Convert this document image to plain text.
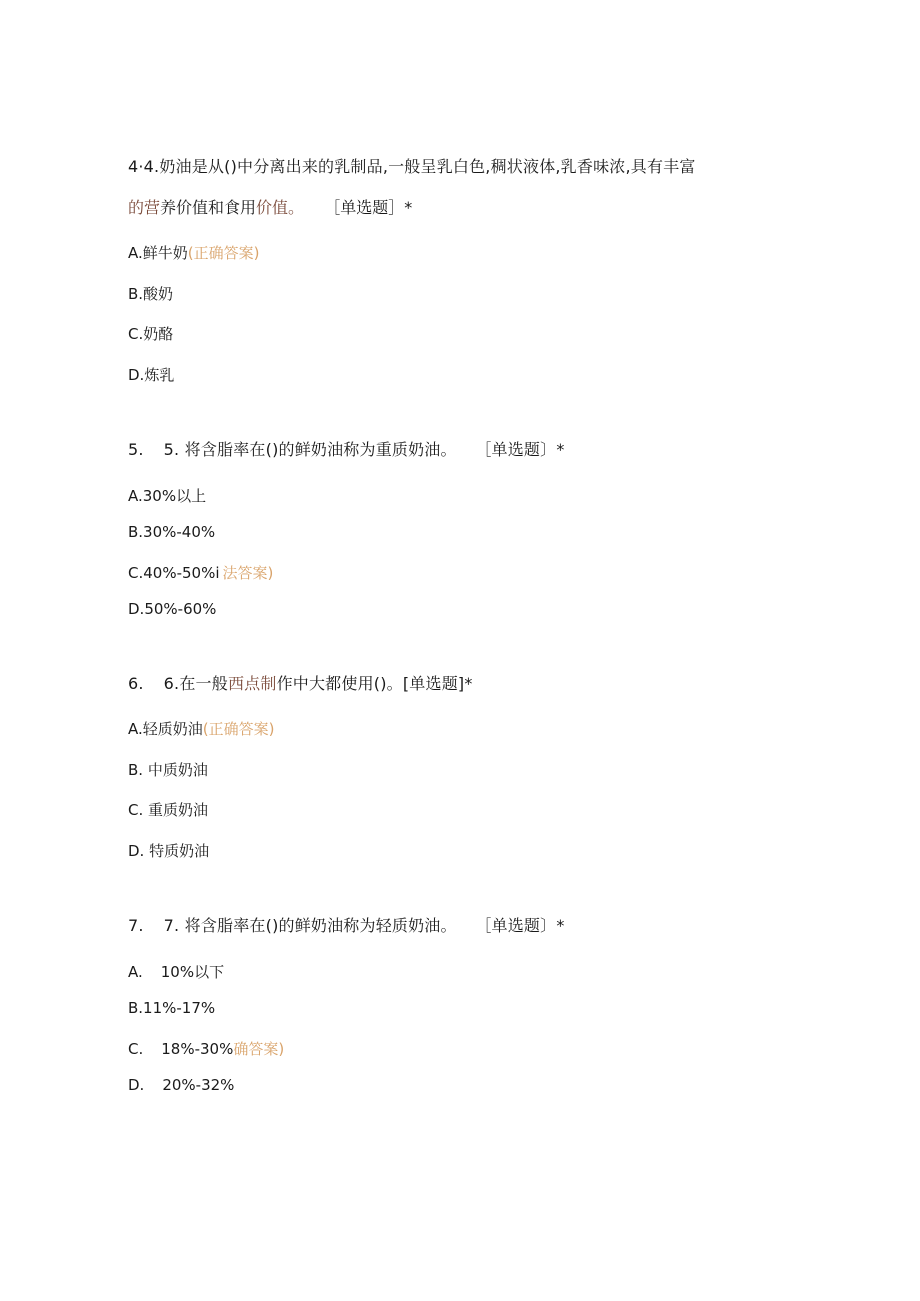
4·4.奶油是从()中分离出来的乳制品,一般呈乳白色,稠状液体,乳香味浓,具有丰富
的营养价值和食用价值。 ［单选题］*
A.鲜牛奶(正确答案)
B.酸奶
C.奶酪
D.炼乳
5. 5. 将含脂率在()的鲜奶油称为重质奶油。 ［单选题〕*
A.30%以上
B.30%-40%
C.40%-50%i 法答案)
D.50%-60%
6. 6.在一般西点制作中大都使用()。[单选题]*
A.轻质奶油(正确答案)
B. 中质奶油
C. 重质奶油
D. 特质奶油
7. 7. 将含脂率在()的鲜奶油称为轻质奶油。 ［单选题〕*
A. 10%以下
B.11%-17%
C. 18%-30%确答案)
D. 20%-32%
